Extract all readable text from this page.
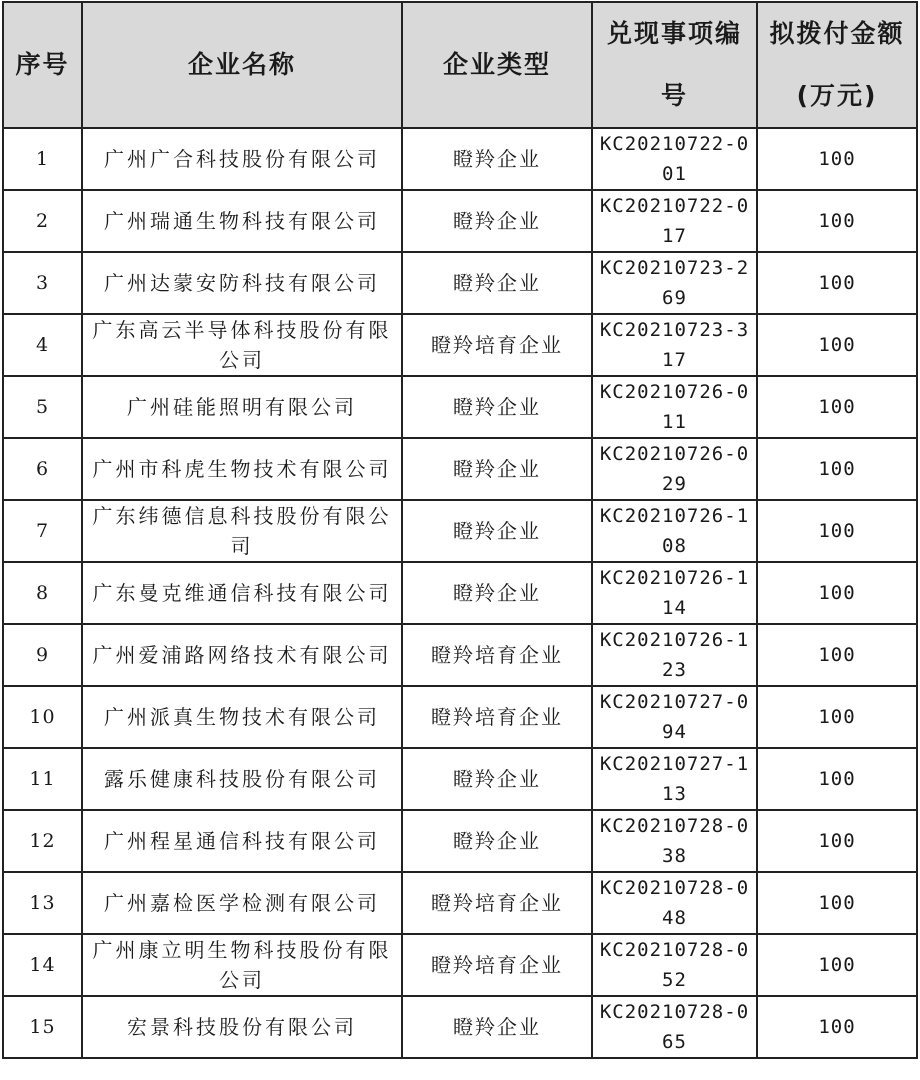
序号	企业名称	企业类型	兑现事项编号	拟拨付金额(万元)
1	广州广合科技股份有限公司	瞪羚企业	KC20210722-001	100
2	广州瑞通生物科技有限公司	瞪羚企业	KC20210722-017	100
3	广州达蒙安防科技有限公司	瞪羚企业	KC20210723-269	100
4	广东高云半导体科技股份有限公司	瞪羚培育企业	KC20210723-317	100
5	广州硅能照明有限公司	瞪羚企业	KC20210726-011	100
6	广州市科虎生物技术有限公司	瞪羚企业	KC20210726-029	100
7	广东纬德信息科技股份有限公司	瞪羚企业	KC20210726-108	100
8	广东曼克维通信科技有限公司	瞪羚企业	KC20210726-114	100
9	广州爱浦路网络技术有限公司	瞪羚培育企业	KC20210726-123	100
10	广州派真生物技术有限公司	瞪羚培育企业	KC20210727-094	100
11	露乐健康科技股份有限公司	瞪羚企业	KC20210727-113	100
12	广州程星通信科技有限公司	瞪羚企业	KC20210728-038	100
13	广州嘉检医学检测有限公司	瞪羚培育企业	KC20210728-048	100
14	广州康立明生物科技股份有限公司	瞪羚培育企业	KC20210728-052	100
15	宏景科技股份有限公司	瞪羚企业	KC20210728-065	100
